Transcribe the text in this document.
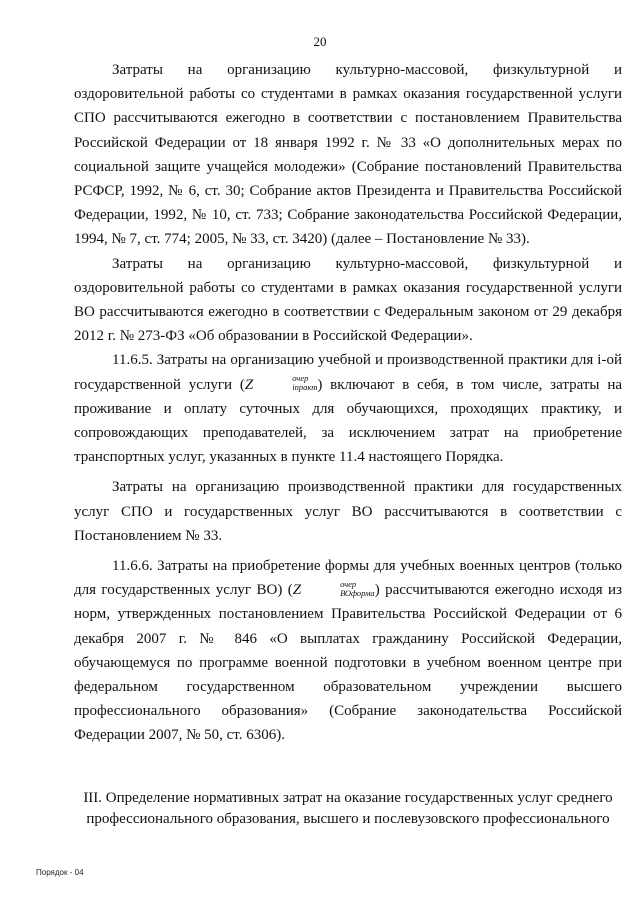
20

Затраты на организацию культурно-массовой, физкультурной и оздоровительной работы со студентами в рамках оказания государственной услуги СПО рассчитываются ежегодно в соответствии с постановлением Правительства Российской Федерации от 18 января 1992 г. № 33 «О дополнительных мерах по социальной защите учащейся молодежи» (Собрание постановлений Правительства РСФСР, 1992, № 6, ст. 30; Собрание актов Президента и Правительства Российской Федерации, 1992, № 10, ст. 733; Собрание законодательства Российской Федерации, 1994, № 7, ст. 774; 2005, № 33, ст. 3420) (далее – Постановление № 33).

Затраты на организацию культурно-массовой, физкультурной и оздоровительной работы со студентами в рамках оказания государственной услуги ВО рассчитываются ежегодно в соответствии с Федеральным законом от 29 декабря 2012 г. № 273-ФЗ «Об образовании в Российской Федерации».

11.6.5. Затраты на организацию учебной и производственной практики для i-ой государственной услуги (Z	очер
iпракт ) включают в себя, в том числе, затраты на проживание и оплату суточных для обучающихся, проходящих практику, и сопровождающих преподавателей, за исключением затрат на приобретение транспортных услуг, указанных в пункте 11.4 настоящего Порядка.

Затраты на организацию производственной практики для государственных услуг СПО и государственных услуг ВО рассчитываются в соответствии с Постановлением № 33.

11.6.6. Затраты на приобретение формы для учебных военных центров (только для государственных услуг ВО) (Z	очер
ВОформа ) рассчитываются ежегодно исходя из норм, утвержденных постановлением Правительства Российской Федерации от 6 декабря 2007 г. № 846 «О выплатах гражданину Российской Федерации, обучающемуся по программе военной подготовки в учебном военном центре при федеральном государственном образовательном учреждении высшего профессионального образования» (Собрание законодательства Российской Федерации 2007, № 50, ст. 6306).

III. Определение нормативных затрат на оказание государственных услуг среднего
профессионального образования, высшего и послевузовского профессионального
Порядок - 04
